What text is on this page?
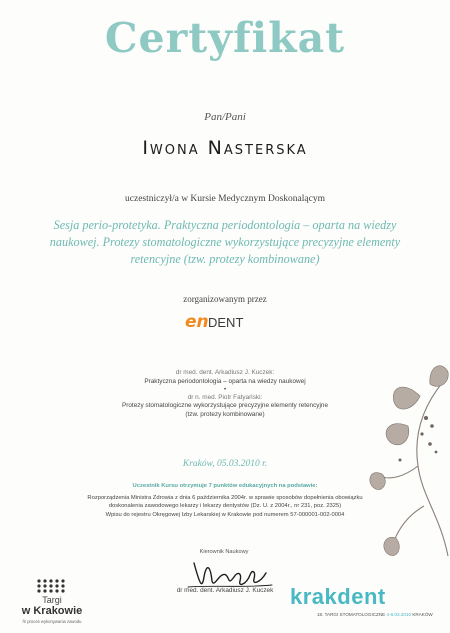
Certyfikat
Pan/Pani
Iwona Nasterska
uczestniczył/a w Kursie Medycznym Doskonalącym
Sesja perio-protetyka. Praktyczna periodontologia – oparta na wiedzy naukowej. Protezy stomatologiczne wykorzystujące precyzyjne elementy retencyjne (tzw. protezy kombinowane)
zorganizowanym przez
en DENT
dr med. dent. Arkadiusz J. Kuczek:
Praktyczna periodontologia – oparta na wiedzy naukowej
•
dr n. med. Piotr Fatyański:
Protezy stomatologiczne wykorzystujące precyzyjne elementy retencyjne
(tzw. protezy kombinowane)
Kraków, 05.03.2010 r.
Uczestnik Kursu otrzymuje 7 punktów edukacyjnych na podstawie:
Rozporządzenia Ministra Zdrowia z dnia 6 października 2004r. w sprawie sposobów dopełnienia obowiązku
doskonalenia zawodowego lekarzy i lekarzy dentystów (Dz. U. z 2004r., nr 231, poz. 2325)
Wpisu do rejestru Okręgowej Izby Lekarskiej w Krakowie pod numerem 57-000001-002-0004
Kierownik Naukowy
dr med. dent. Arkadiusz J. Kuczek
Targi
w Krakowie
fir proces wykonywania zawodu
krakdent
18. TARGI STOMATOLOGICZNE 4-6.03.2010 KRAKÓW
